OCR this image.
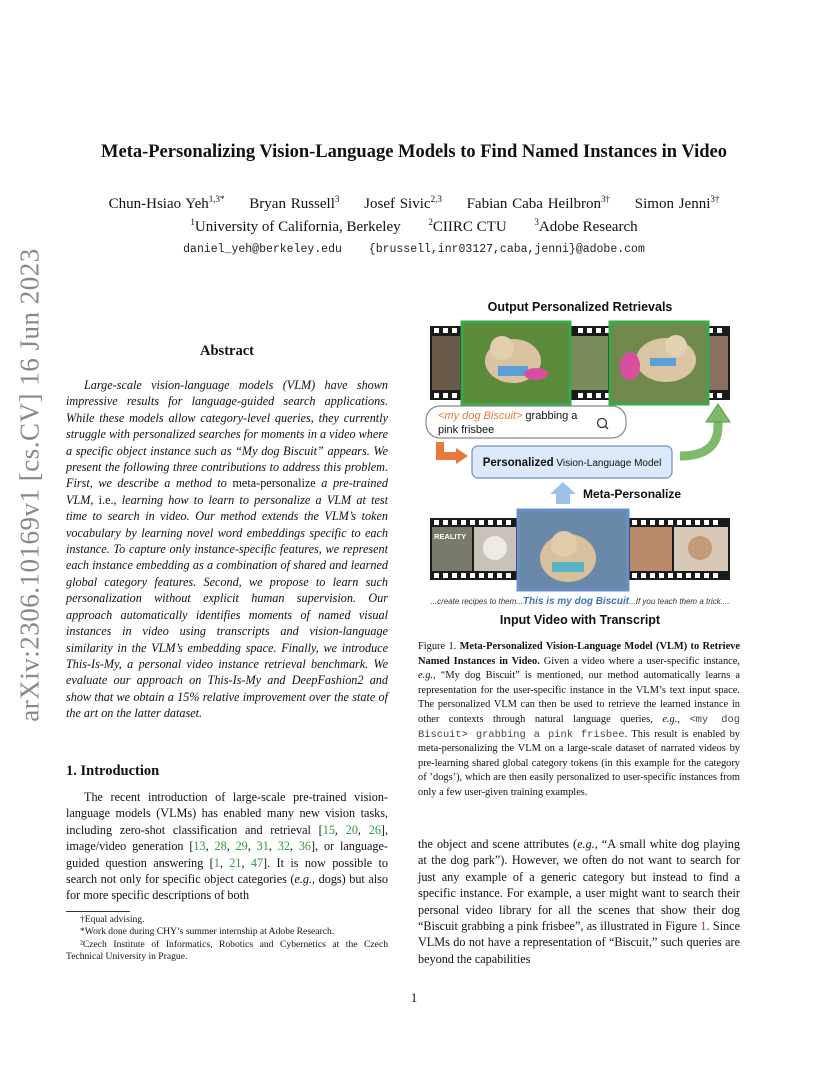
arXiv:2306.10169v1 [cs.CV] 16 Jun 2023
Meta-Personalizing Vision-Language Models to Find Named Instances in Video
Chun-Hsiao Yeh$^{1,3*}$ Bryan Russell$^3$ Josef Sivic$^{2,3}$ Fabian Caba Heilbron$^{3\dagger}$ Simon Jenni$^{3\dagger}$
$^1$University of California, Berkeley	$^2$CIIRC CTU	$^3$Adobe Research
daniel_yeh@berkeley.edu {brussell,inr03127,caba,jenni}@adobe.com
Abstract
Large-scale vision-language models (VLM) have shown impressive results for language-guided search applications. While these models allow category-level queries, they currently struggle with personalized searches for moments in a video where a specific object instance such as “My dog Biscuit” appears. We present the following three contributions to address this problem. First, we describe a method to meta-personalize a pre-trained VLM, i.e., learning how to learn to personalize a VLM at test time to search in video. Our method extends the VLM’s token vocabulary by learning novel word embeddings specific to each instance. To capture only instance-specific features, we represent each instance embedding as a combination of shared and learned global category features. Second, we propose to learn such personalization without explicit human supervision. Our approach automatically identifies moments of named visual instances in video using transcripts and vision-language similarity in the VLM’s embedding space. Finally, we introduce This-Is-My, a personal video instance retrieval benchmark. We evaluate our approach on This-Is-My and DeepFashion2 and show that we obtain a 15% relative improvement over the state of the art on the latter dataset.
1. Introduction
The recent introduction of large-scale pre-trained vision-language models (VLMs) has enabled many new vision tasks, including zero-shot classification and retrieval [15, 20, 26], image/video generation [13, 28, 29, 31, 32, 36], or language-guided question answering [1, 21, 47]. It is now possible to search not only for specific object categories (e.g., dogs) but also for more specific descriptions of both
†Equal advising.
*Work done during CHY’s summer internship at Adobe Research.
²Czech Institute of Informatics, Robotics and Cybernetics at the Czech Technical University in Prague.
Output Personalized Retrievals
<my dog Biscuit> grabbing a
pink frisbee
Personalized Vision-Language Model
Meta-Personalize
REALITY
...create recipes to them...This is my dog Biscuit...If you teach them a trick....
Input Video with Transcript
Figure 1. Meta-Personalized Vision-Language Model (VLM) to Retrieve Named Instances in Video. Given a video where a user-specific instance, e.g., “My dog Biscuit” is mentioned, our method automatically learns a representation for the user-specific instance in the VLM’s text input space. The personalized VLM can then be used to retrieve the learned instance in other contexts through natural language queries, e.g., <my dog Biscuit> grabbing a pink frisbee. This result is enabled by meta-personalizing the VLM on a large-scale dataset of narrated videos by pre-learning shared global category tokens (in this example for the category of ’dogs’), which are then easily personalized to user-specific instances from only a few user-given training examples.
the object and scene attributes (e.g., “A small white dog playing at the dog park”). However, we often do not want to search for just any example of a generic category but instead to find a specific instance. For example, a user might want to search their personal video library for all the scenes that show their dog “Biscuit grabbing a pink frisbee”, as illustrated in Figure 1. Since VLMs do not have a representation of “Biscuit,” such queries are beyond the capabilities
1
